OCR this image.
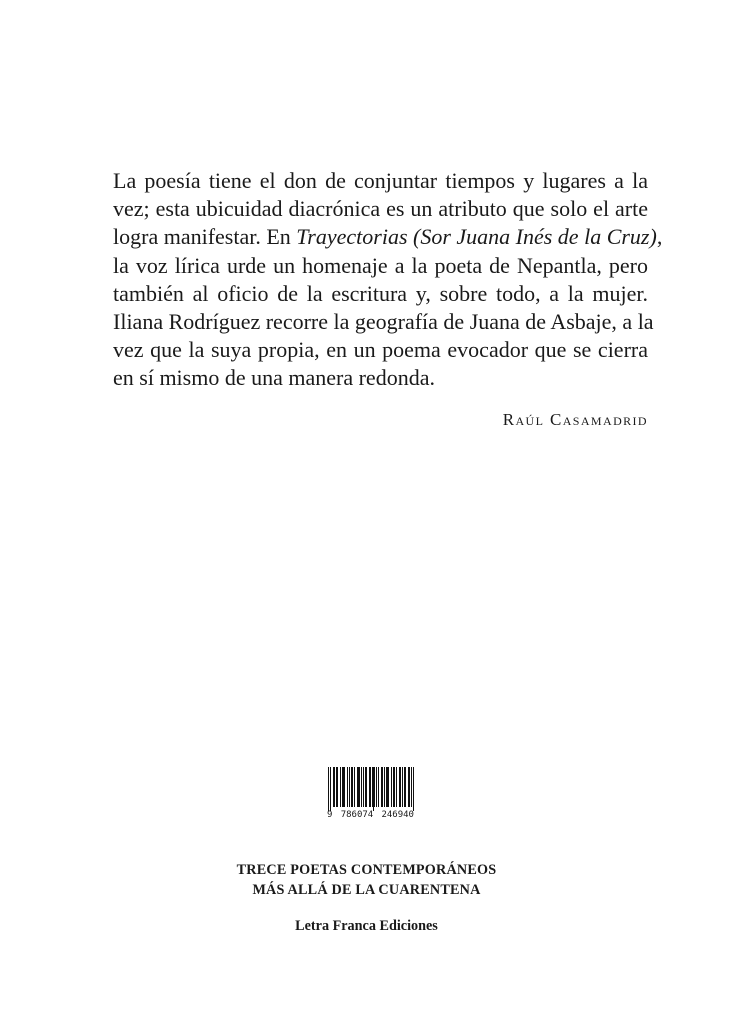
La poesía tiene el don de conjuntar tiempos y lugares a la
vez; esta ubicuidad diacrónica es un atributo que solo el arte
logra manifestar. En Trayectorias (Sor Juana Inés de la Cruz),
la voz lírica urde un homenaje a la poeta de Nepantla, pero
también al oficio de la escritura y, sobre todo, a la mujer.
Iliana Rodríguez recorre la geografía de Juana de Asbaje, a la
vez que la suya propia, en un poema evocador que se cierra
en sí mismo de una manera redonda.

Raúl Casamadrid

9 786074 246940
TRECE POETAS CONTEMPORÁNEOS
MÁS ALLÁ DE LA CUARENTENA

Letra Franca Ediciones
